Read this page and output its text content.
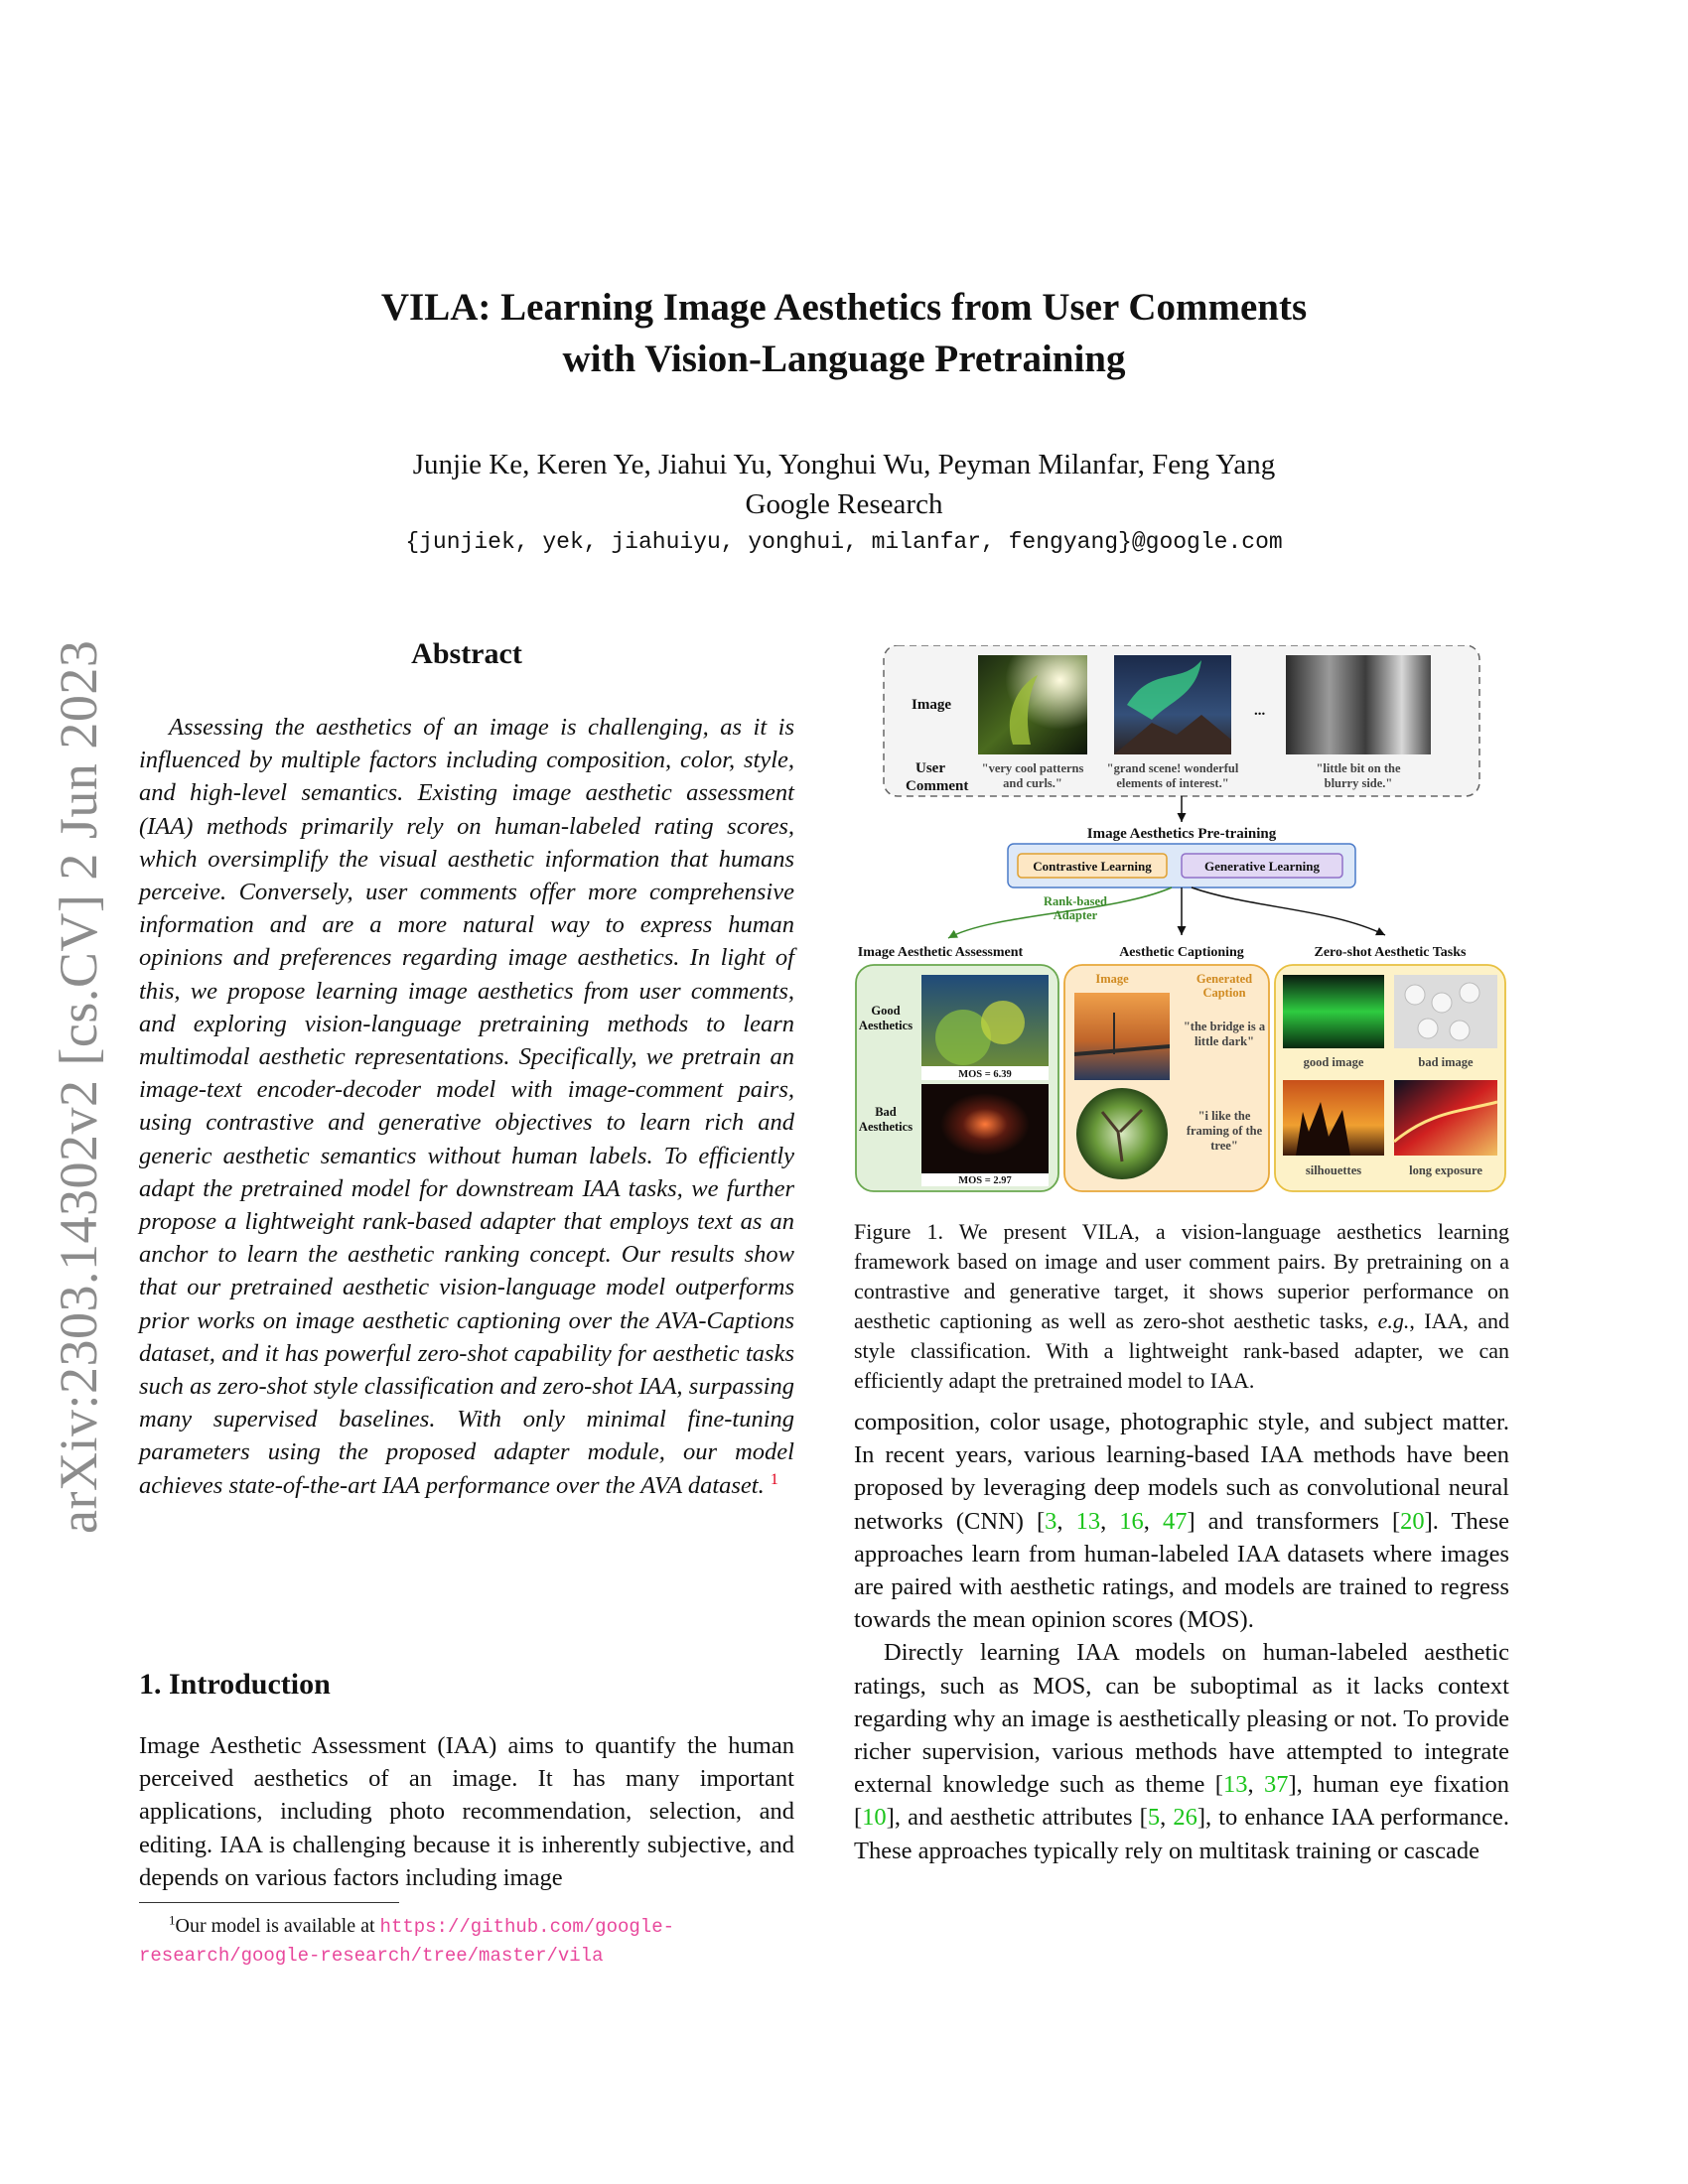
arXiv:2303.14302v2 [cs.CV] 2 Jun 2023
VILA: Learning Image Aesthetics from User Comments
with Vision-Language Pretraining
Junjie Ke, Keren Ye, Jiahui Yu, Yonghui Wu, Peyman Milanfar, Feng Yang
Google Research
{junjiek, yek, jiahuiyu, yonghui, milanfar, fengyang}@google.com
Abstract

Assessing the aesthetics of an image is challenging, as it is influenced by multiple factors including composition, color, style, and high-level semantics. Existing image aesthetic assessment (IAA) methods primarily rely on human-labeled rating scores, which oversimplify the visual aesthetic information that humans perceive. Conversely, user comments offer more comprehensive information and are a more natural way to express human opinions and preferences regarding image aesthetics. In light of this, we propose learning image aesthetics from user comments, and exploring vision-language pretraining methods to learn multimodal aesthetic representations. Specifically, we pretrain an image-text encoder-decoder model with image-comment pairs, using contrastive and generative objectives to learn rich and generic aesthetic semantics without human labels. To efficiently adapt the pretrained model for downstream IAA tasks, we further propose a lightweight rank-based adapter that employs text as an anchor to learn the aesthetic ranking concept. Our results show that our pretrained aesthetic vision-language model outperforms prior works on image aesthetic captioning over the AVA-Captions dataset, and it has powerful zero-shot capability for aesthetic tasks such as zero-shot style classification and zero-shot IAA, surpassing many supervised baselines. With only minimal fine-tuning parameters using the proposed adapter module, our model achieves state-of-the-art IAA performance over the AVA dataset. $^1$

1. Introduction

Image Aesthetic Assessment (IAA) aims to quantify the human perceived aesthetics of an image. It has many important applications, including photo recommendation, selection, and editing. IAA is challenging because it is inherently subjective, and depends on various factors including image

$^1$Our model is available at https://github.com/google-research/google-research/tree/master/vila
Image
User
Comment
...
"very cool patterns
and curls."
"grand scene! wonderful
elements of interest."
"little bit on the
blurry side."
Image Aesthetics Pre-training
Contrastive Learning	Generative Learning
Rank-based
Adapter
Image Aesthetic Assessment	Aesthetic Captioning	Zero-shot Aesthetic Tasks
Good
Aesthetics
MOS = 6.39
Bad
Aesthetics
MOS = 2.97
Image	Generated
Caption
"the bridge is a
little dark"
"i like the
framing of the
tree"
good image	bad image
silhouettes	long exposure
Figure 1. We present VILA, a vision-language aesthetics learning framework based on image and user comment pairs. By pretraining on a contrastive and generative target, it shows superior performance on aesthetic captioning as well as zero-shot aesthetic tasks, e.g., IAA, and style classification. With a lightweight rank-based adapter, we can efficiently adapt the pretrained model to IAA.

composition, color usage, photographic style, and subject matter. In recent years, various learning-based IAA methods have been proposed by leveraging deep models such as convolutional neural networks (CNN) [3, 13, 16, 47] and transformers [20]. These approaches learn from human-labeled IAA datasets where images are paired with aesthetic ratings, and models are trained to regress towards the mean opinion scores (MOS).

Directly learning IAA models on human-labeled aesthetic ratings, such as MOS, can be suboptimal as it lacks context regarding why an image is aesthetically pleasing or not. To provide richer supervision, various methods have attempted to integrate external knowledge such as theme [13, 37], human eye fixation [10], and aesthetic attributes [5, 26], to enhance IAA performance. These approaches typically rely on multitask training or cascade
